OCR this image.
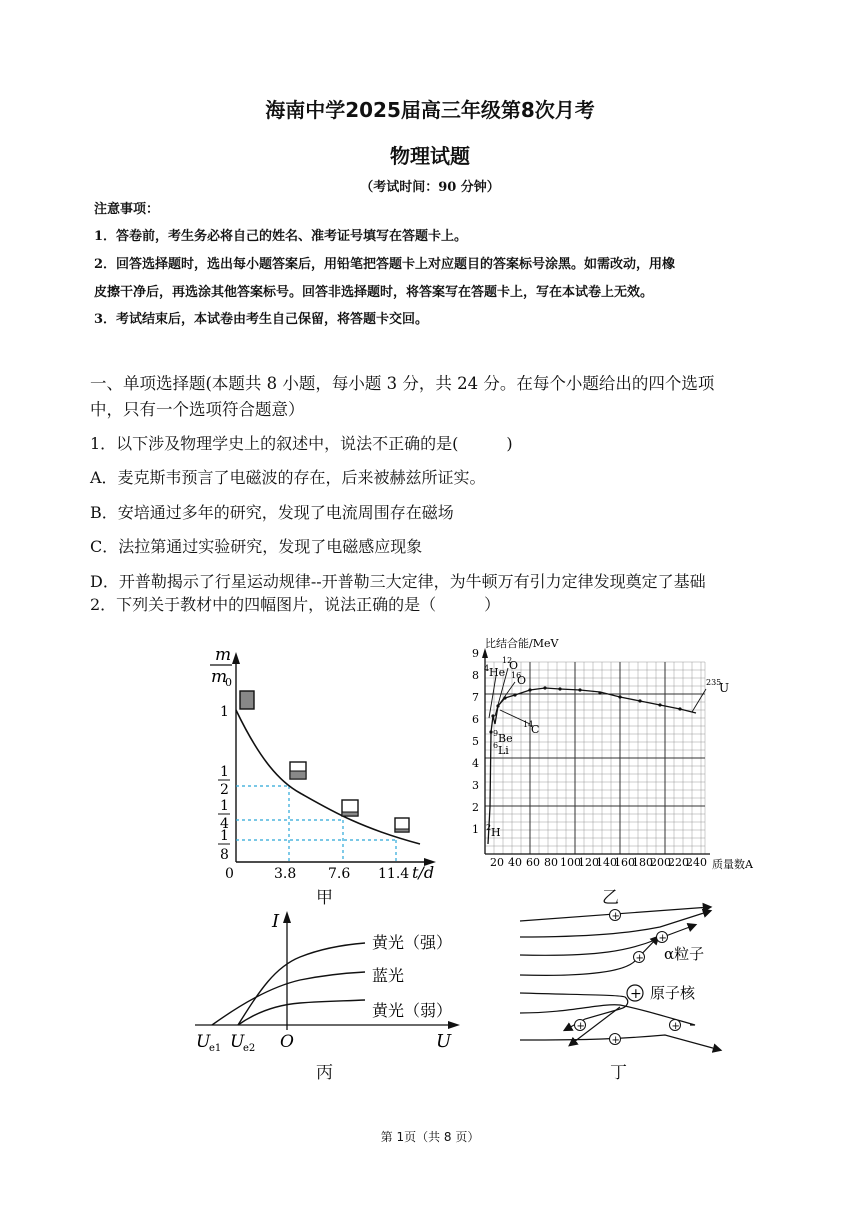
海南中学2025届高三年级第8次月考
物理试题
（考试时间：90 分钟）
注意事项：
1．答卷前，考生务必将自己的姓名、准考证号填写在答题卡上。
2．回答选择题时，选出每小题答案后，用铅笔把答题卡上对应题目的答案标号涂黑。如需改动，用橡
皮擦干净后，再选涂其他答案标号。回答非选择题时，将答案写在答题卡上，写在本试卷上无效。
3．考试结束后，本试卷由考生自己保留，将答题卡交回。
一、单项选择题(本题共 8 小题，每小题 3 分，共 24 分。在每个小题给出的四个选项
中，只有一个选项符合题意）
1．以下涉及物理学史上的叙述中，说法不正确的是(　　　)
A．麦克斯韦预言了电磁波的存在，后来被赫兹所证实。
B．安培通过多年的研究，发现了电流周围存在磁场
C．法拉第通过实验研究，发现了电磁感应现象
D．开普勒揭示了行星运动规律--开普勒三大定律，为牛顿万有引力定律发现奠定了基础
2．下列关于教材中的四幅图片，说法正确的是（　　　）
m
m
0
1
1
2
1
4
1
8
0	3.8 7.6 11.4 t/d
甲
比结合能/MeV
1
2
3
4
5
6
7
8
9
20 40 60 80 100
120
140
160
180
200
220
240 质量数A
4 He
12
O
16
O
14
C
9 Be
6 Li
2 H
235
U
乙
I
U
O
U
e1 U
e2
黄光（强）
蓝光
黄光（弱）
丙
+
+
+
+
+
+
+
α粒子
原子核
丁
第 1页（共 8 页）
